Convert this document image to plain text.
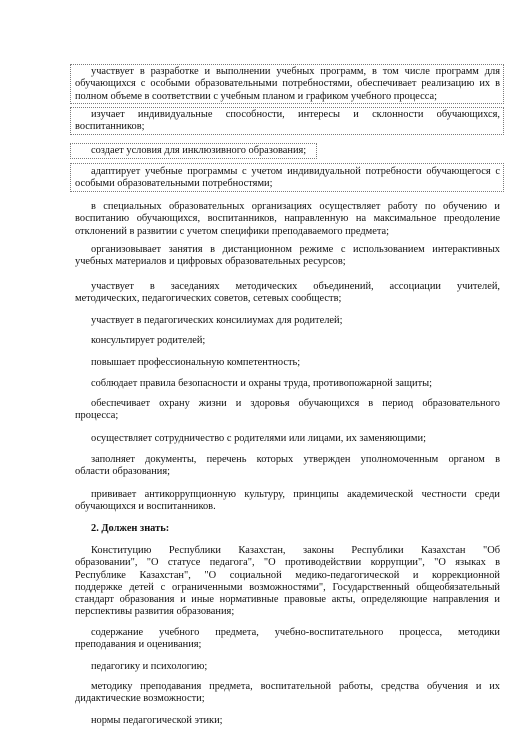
участвует в разработке и выполнении учебных программ, в том числе программ для
обучающихся с особыми образовательными потребностями, обеспечивает реализацию их в
полном объеме в соответствии с учебным планом и графиком учебного процесса;

изучает индивидуальные способности, интересы и склонности обучающихся,
воспитанников;

создает условия для инклюзивного образования;

адаптирует учебные программы с учетом индивидуальной потребности обучающегося с
особыми образовательными потребностями;

в специальных образовательных организациях осуществляет работу по обучению и
воспитанию обучающихся, воспитанников, направленную на максимальное преодоление
отклонений в развитии с учетом специфики преподаваемого предмета;

организовывает занятия в дистанционном режиме с использованием интерактивных
учебных материалов и цифровых образовательных ресурсов;

участвует в заседаниях методических объединений, ассоциации учителей,
методических, педагогических советов, сетевых сообществ;

участвует в педагогических консилиумах для родителей;

консультирует родителей;

повышает профессиональную компетентность;

соблюдает правила безопасности и охраны труда, противопожарной защиты;

обеспечивает охрану жизни и здоровья обучающихся в период образовательного
процесса;

осуществляет сотрудничество с родителями или лицами, их заменяющими;

заполняет документы, перечень которых утвержден уполномоченным органом в
области образования;

прививает антикоррупционную культуру, принципы академической честности среди
обучающихся и воспитанников.

2. Должен знать:

Конституцию Республики Казахстан, законы Республики Казахстан "Об
образовании", "О статусе педагога", "О противодействии коррупции", "О языках в
Республике Казахстан", "О социальной медико-педагогической и коррекционной
поддержке детей с ограниченными возможностями", Государственный общеобязательный
стандарт образования и иные нормативные правовые акты, определяющие направления и
перспективы развития образования;

содержание учебного предмета, учебно-воспитательного процесса, методики
преподавания и оценивания;

педагогику и психологию;

методику преподавания предмета, воспитательной работы, средства обучения и их
дидактические возможности;

нормы педагогической этики;
